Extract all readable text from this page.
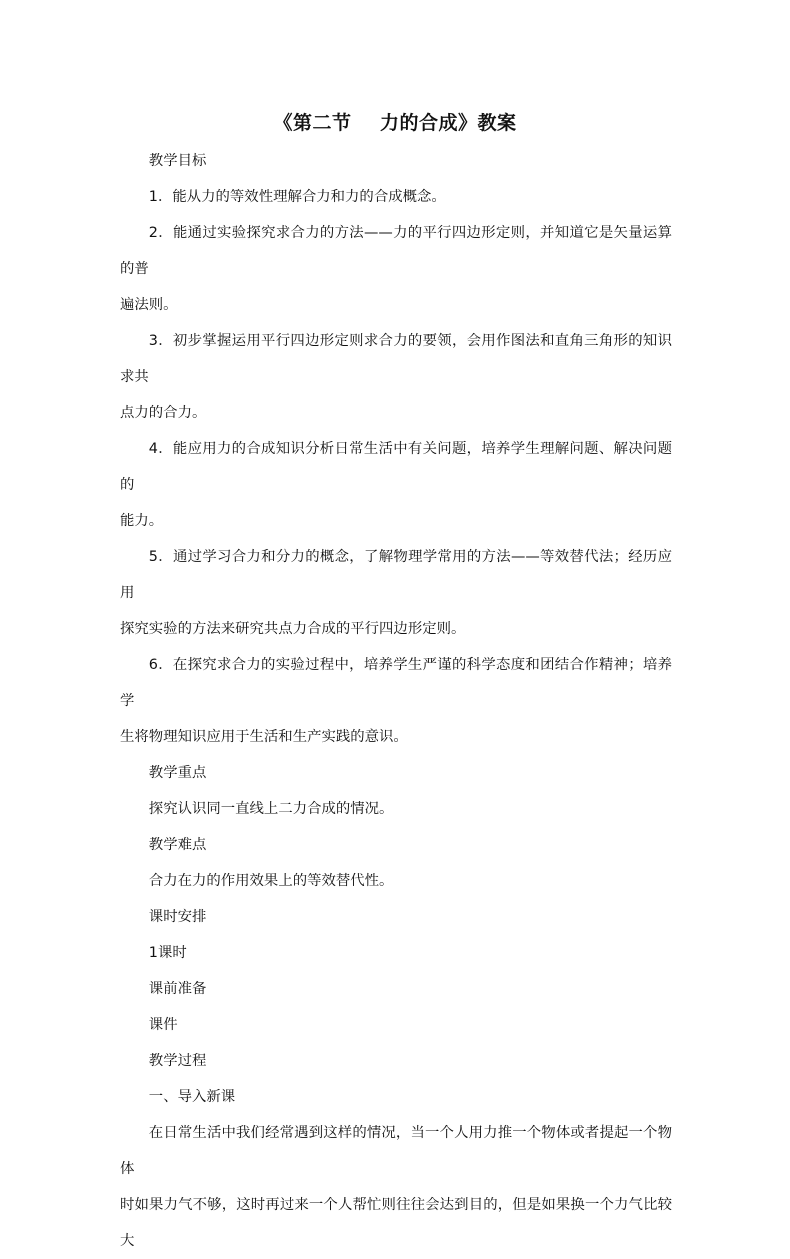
《第二节    力的合成》教案

教学目标

1．能从力的等效性理解合力和力的合成概念。

2．能通过实验探究求合力的方法——力的平行四边形定则，并知道它是矢量运算的普

遍法则。

3．初步掌握运用平行四边形定则求合力的要领，会用作图法和直角三角形的知识求共

点力的合力。

4．能应用力的合成知识分析日常生活中有关问题，培养学生理解问题、解决问题的

能力。

5．通过学习合力和分力的概念，了解物理学常用的方法——等效替代法；经历应用

探究实验的方法来研究共点力合成的平行四边形定则。

6．在探究求合力的实验过程中，培养学生严谨的科学态度和团结合作精神；培养学

生将物理知识应用于生活和生产实践的意识。

教学重点

探究认识同一直线上二力合成的情况。

教学难点

合力在力的作用效果上的等效替代性。

课时安排

1课时

课前准备

课件

教学过程

一、导入新课

在日常生活中我们经常遇到这样的情况，当一个人用力推一个物体或者提起一个物体

时如果力气不够，这时再过来一个人帮忙则往往会达到目的，但是如果换一个力气比较大
